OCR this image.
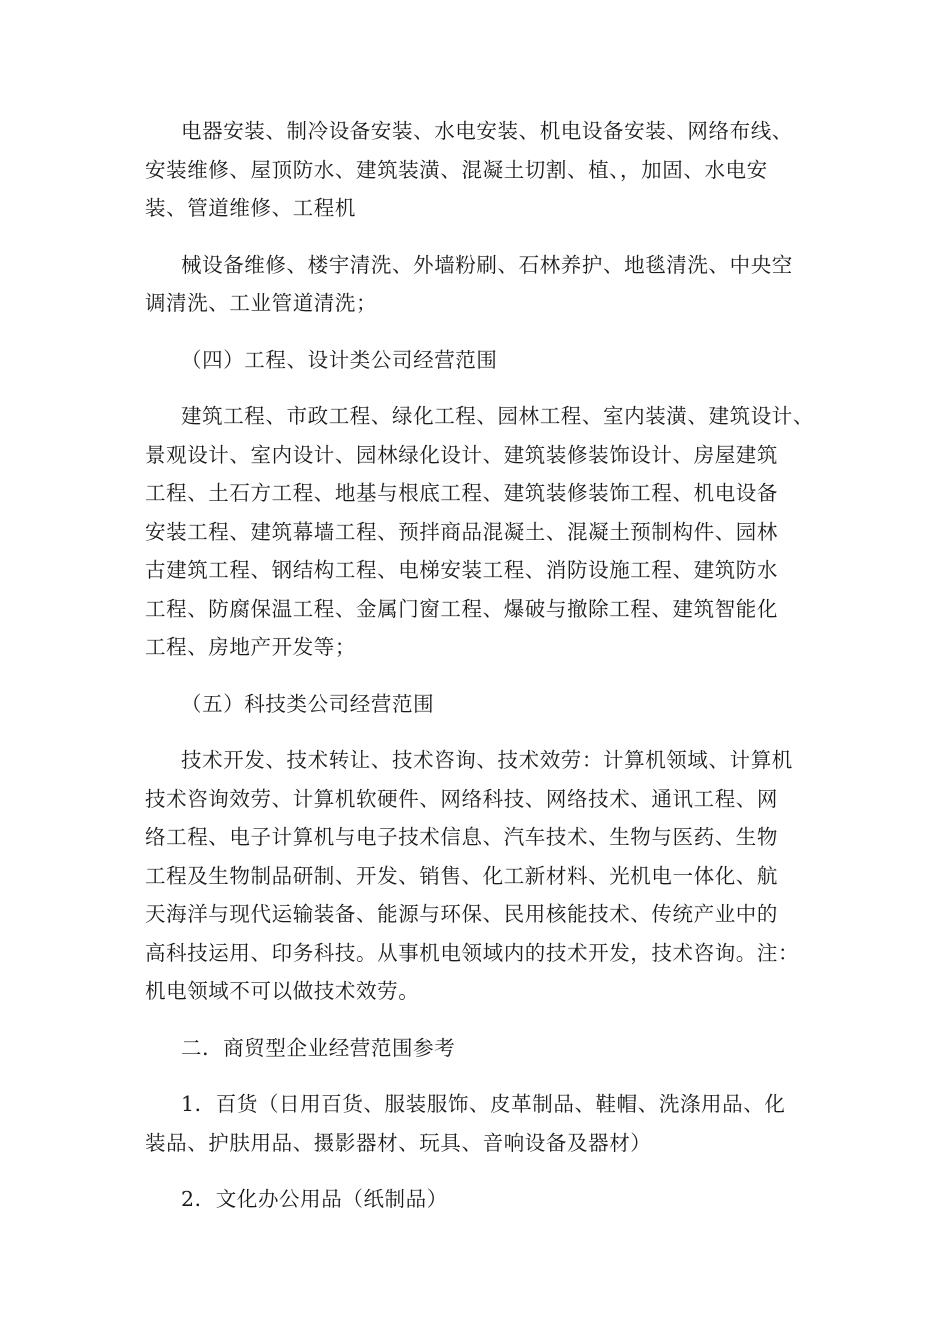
电器安装、制冷设备安装、水电安装、机电设备安装、网络布线、
安装维修、屋顶防水、建筑装潢、混凝土切割、植、，加固、水电安
装、管道维修、工程机

械设备维修、楼宇清洗、外墙粉刷、石林养护、地毯清洗、中央空
调清洗、工业管道清洗；

（四）工程、设计类公司经营范围

建筑工程、市政工程、绿化工程、园林工程、室内装潢、建筑设计、
景观设计、室内设计、园林绿化设计、建筑装修装饰设计、房屋建筑
工程、土石方工程、地基与根底工程、建筑装修装饰工程、机电设备
安装工程、建筑幕墙工程、预拌商品混凝土、混凝土预制构件、园林
古建筑工程、钢结构工程、电梯安装工程、消防设施工程、建筑防水
工程、防腐保温工程、金属门窗工程、爆破与撤除工程、建筑智能化
工程、房地产开发等；

（五）科技类公司经营范围

技术开发、技术转让、技术咨询、技术效劳：计算机领域、计算机
技术咨询效劳、计算机软硬件、网络科技、网络技术、通讯工程、网
络工程、电子计算机与电子技术信息、汽车技术、生物与医药、生物
工程及生物制品研制、开发、销售、化工新材料、光机电一体化、航
天海洋与现代运输装备、能源与环保、民用核能技术、传统产业中的
高科技运用、印务科技。从事机电领域内的技术开发，技术咨询。注：
机电领域不可以做技术效劳。

二．商贸型企业经营范围参考

1．百货（日用百货、服装服饰、皮革制品、鞋帽、洗涤用品、化
装品、护肤用品、摄影器材、玩具、音响设备及器材）

2．文化办公用品（纸制品）
